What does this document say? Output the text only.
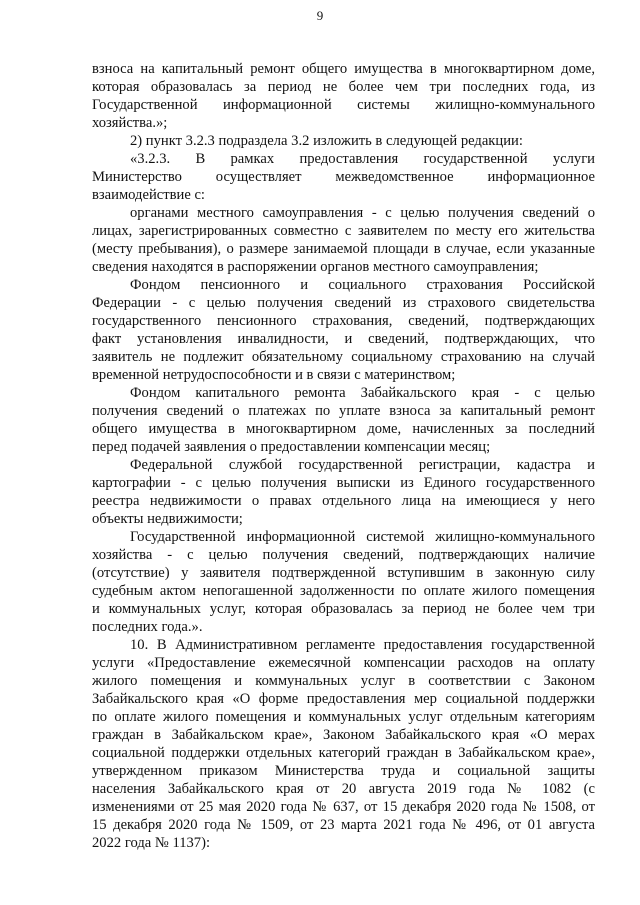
9
взноса на капитальный ремонт общего имущества в многоквартирном доме,
которая образовалась за период не более чем три последних года, из
Государственной информационной системы жилищно-коммунального
хозяйства.»;
2) пункт 3.2.3 подраздела 3.2 изложить в следующей редакции:
«3.2.3. В рамках предоставления государственной услуги
Министерство осуществляет межведомственное информационное
взаимодействие с:
органами местного самоуправления - с целью получения сведений о
лицах, зарегистрированных совместно с заявителем по месту его жительства
(месту пребывания), о размере занимаемой площади в случае, если указанные
сведения находятся в распоряжении органов местного самоуправления;
Фондом пенсионного и социального страхования Российской
Федерации - с целью получения сведений из страхового свидетельства
государственного пенсионного страхования, сведений, подтверждающих
факт установления инвалидности, и сведений, подтверждающих, что
заявитель не подлежит обязательному социальному страхованию на случай
временной нетрудоспособности и в связи с материнством;
Фондом капитального ремонта Забайкальского края - с целью
получения сведений о платежах по уплате взноса за капитальный ремонт
общего имущества в многоквартирном доме, начисленных за последний
перед подачей заявления о предоставлении компенсации месяц;
Федеральной службой государственной регистрации, кадастра и
картографии - с целью получения выписки из Единого государственного
реестра недвижимости о правах отдельного лица на имеющиеся у него
объекты недвижимости;
Государственной информационной системой жилищно-коммунального
хозяйства - с целью получения сведений, подтверждающих наличие
(отсутствие) у заявителя подтвержденной вступившим в законную силу
судебным актом непогашенной задолженности по оплате жилого помещения
и коммунальных услуг, которая образовалась за период не более чем три
последних года.».
10. В Административном регламенте предоставления государственной
услуги «Предоставление ежемесячной компенсации расходов на оплату
жилого помещения и коммунальных услуг в соответствии с Законом
Забайкальского края «О форме предоставления мер социальной поддержки
по оплате жилого помещения и коммунальных услуг отдельным категориям
граждан в Забайкальском крае», Законом Забайкальского края «О мерах
социальной поддержки отдельных категорий граждан в Забайкальском крае»,
утвержденном приказом Министерства труда и социальной защиты
населения Забайкальского края от 20 августа 2019 года № 1082 (с
изменениями от 25 мая 2020 года № 637, от 15 декабря 2020 года № 1508, от
15 декабря 2020 года № 1509, от 23 марта 2021 года № 496, от 01 августа
2022 года № 1137):
